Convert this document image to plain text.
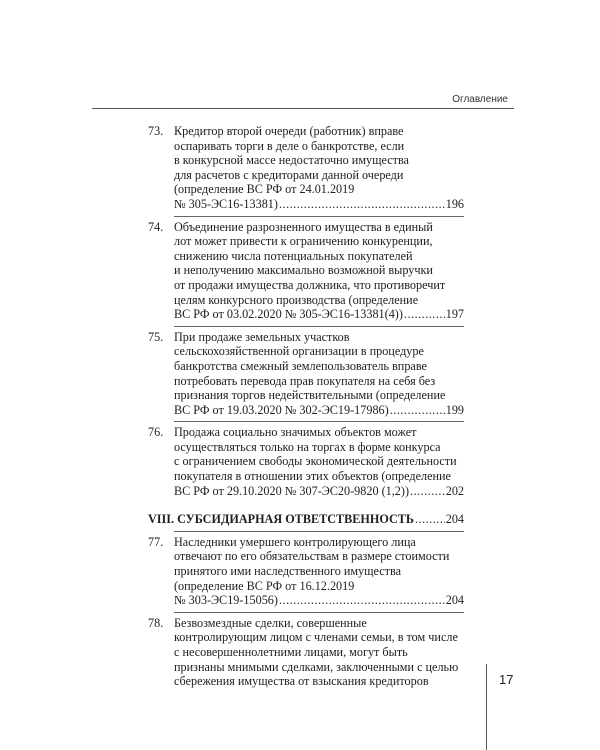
Оглавление
73. Кредитор второй очереди (работник) вправе
оспаривать торги в деле о банкротстве, если
в конкурсной массе недостаточно имущества
для расчетов с кредиторами данной очереди
(определение ВС РФ от 24.01.2019
№ 305-ЭС16-13381) .....	196
74. Объединение разрозненного имущества в единый
лот может привести к ограничению конкуренции,
снижению числа потенциальных покупателей
и неполучению максимально возможной выручки
от продажи имущества должника, что противоречит
целям конкурсного производства (определение
ВС РФ от 03.02.2020 № 305-ЭС16-13381(4)) .....	197
75. При продаже земельных участков
сельскохозяйственной организации в процедуре
банкротства смежный землепользователь вправе
потребовать перевода прав покупателя на себя без
признания торгов недействительными (определение
ВС РФ от 19.03.2020 № 302-ЭС19-17986) .....	199
76. Продажа социально значимых объектов может
осуществляться только на торгах в форме конкурса
с ограничением свободы экономической деятельности
покупателя в отношении этих объектов (определение
ВС РФ от 29.10.2020 № 307-ЭС20-9820 (1,2)) .....	202
VIII. СУБСИДИАРНАЯ ОТВЕТСТВЕННОСТЬ .....	204
77. Наследники умершего контролирующего лица
отвечают по его обязательствам в размере стоимости
принятого ими наследственного имущества
(определение ВС РФ от 16.12.2019
№ 303-ЭС19-15056) .....	204
78. Безвозмездные сделки, совершенные
контролирующим лицом с членами семьи, в том числе
с несовершеннолетними лицами, могут быть
признаны мнимыми сделками, заключенными с целью
сбережения имущества от взыскания кредиторов	17
